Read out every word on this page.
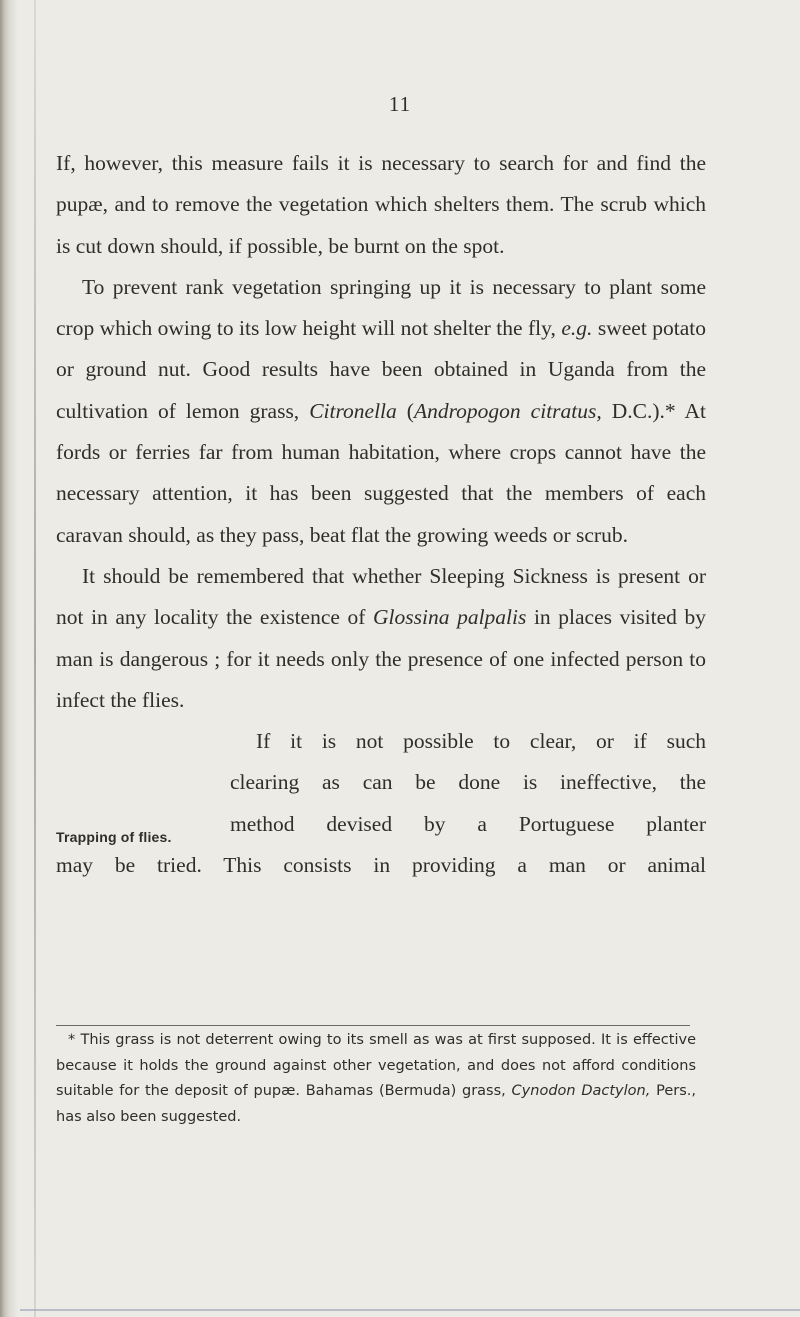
11

If, however, this measure fails it is necessary to search for and find the pupæ, and to remove the vegetation which shelters them. The scrub which is cut down should, if possible, be burnt on the spot.

To prevent rank vegetation springing up it is necessary to plant some crop which owing to its low height will not shelter the fly, e.g. sweet potato or ground nut. Good results have been obtained in Uganda from the cultivation of lemon grass, Citronella (Andropogon citratus, D.C.).* At fords or ferries far from human habitation, where crops cannot have the necessary attention, it has been suggested that the members of each caravan should, as they pass, beat flat the growing weeds or scrub.

It should be remembered that whether Sleeping Sickness is present or not in any locality the existence of Glossina palpalis in places visited by man is dangerous ; for it needs only the presence of one infected person to infect the flies.

Trapping of flies.
If it is not possible to clear, or if such
clearing as can be done is ineffective, the
method devised by a Portuguese planter
may be tried. This consists in providing a man or animal

* This grass is not deterrent owing to its smell as was at first supposed. It is effective because it holds the ground against other vegetation, and does not afford conditions suitable for the deposit of pupæ. Bahamas (Bermuda) grass, Cynodon Dactylon, Pers., has also been suggested.
